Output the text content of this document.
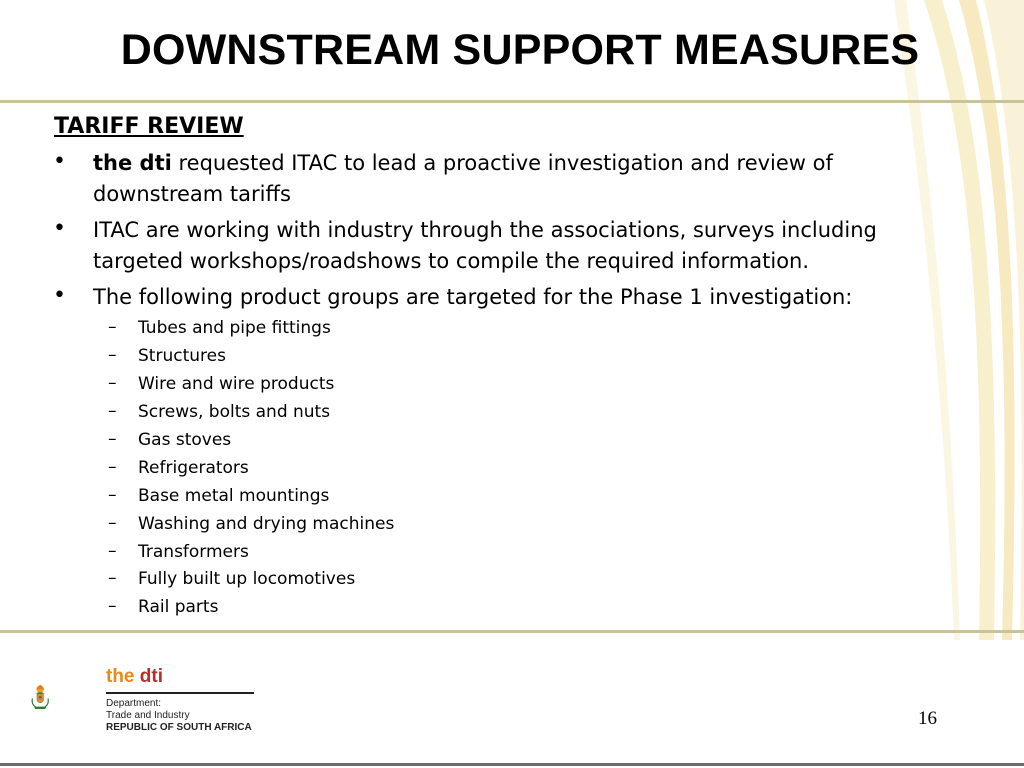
DOWNSTREAM SUPPORT MEASURES
TARIFF REVIEW
• the dti requested ITAC to lead a proactive investigation and review of downstream tariffs
• ITAC are working with industry through the associations, surveys including targeted workshops/roadshows to compile the required information.
• The following product groups are targeted for the Phase 1 investigation:
– Tubes and pipe fittings
– Structures
– Wire and wire products
– Screws, bolts and nuts
– Gas stoves
– Refrigerators
– Base metal mountings
– Washing and drying machines
– Transformers
– Fully built up locomotives
– Rail parts
the dti
Department:
Trade and Industry
REPUBLIC OF SOUTH AFRICA	16
